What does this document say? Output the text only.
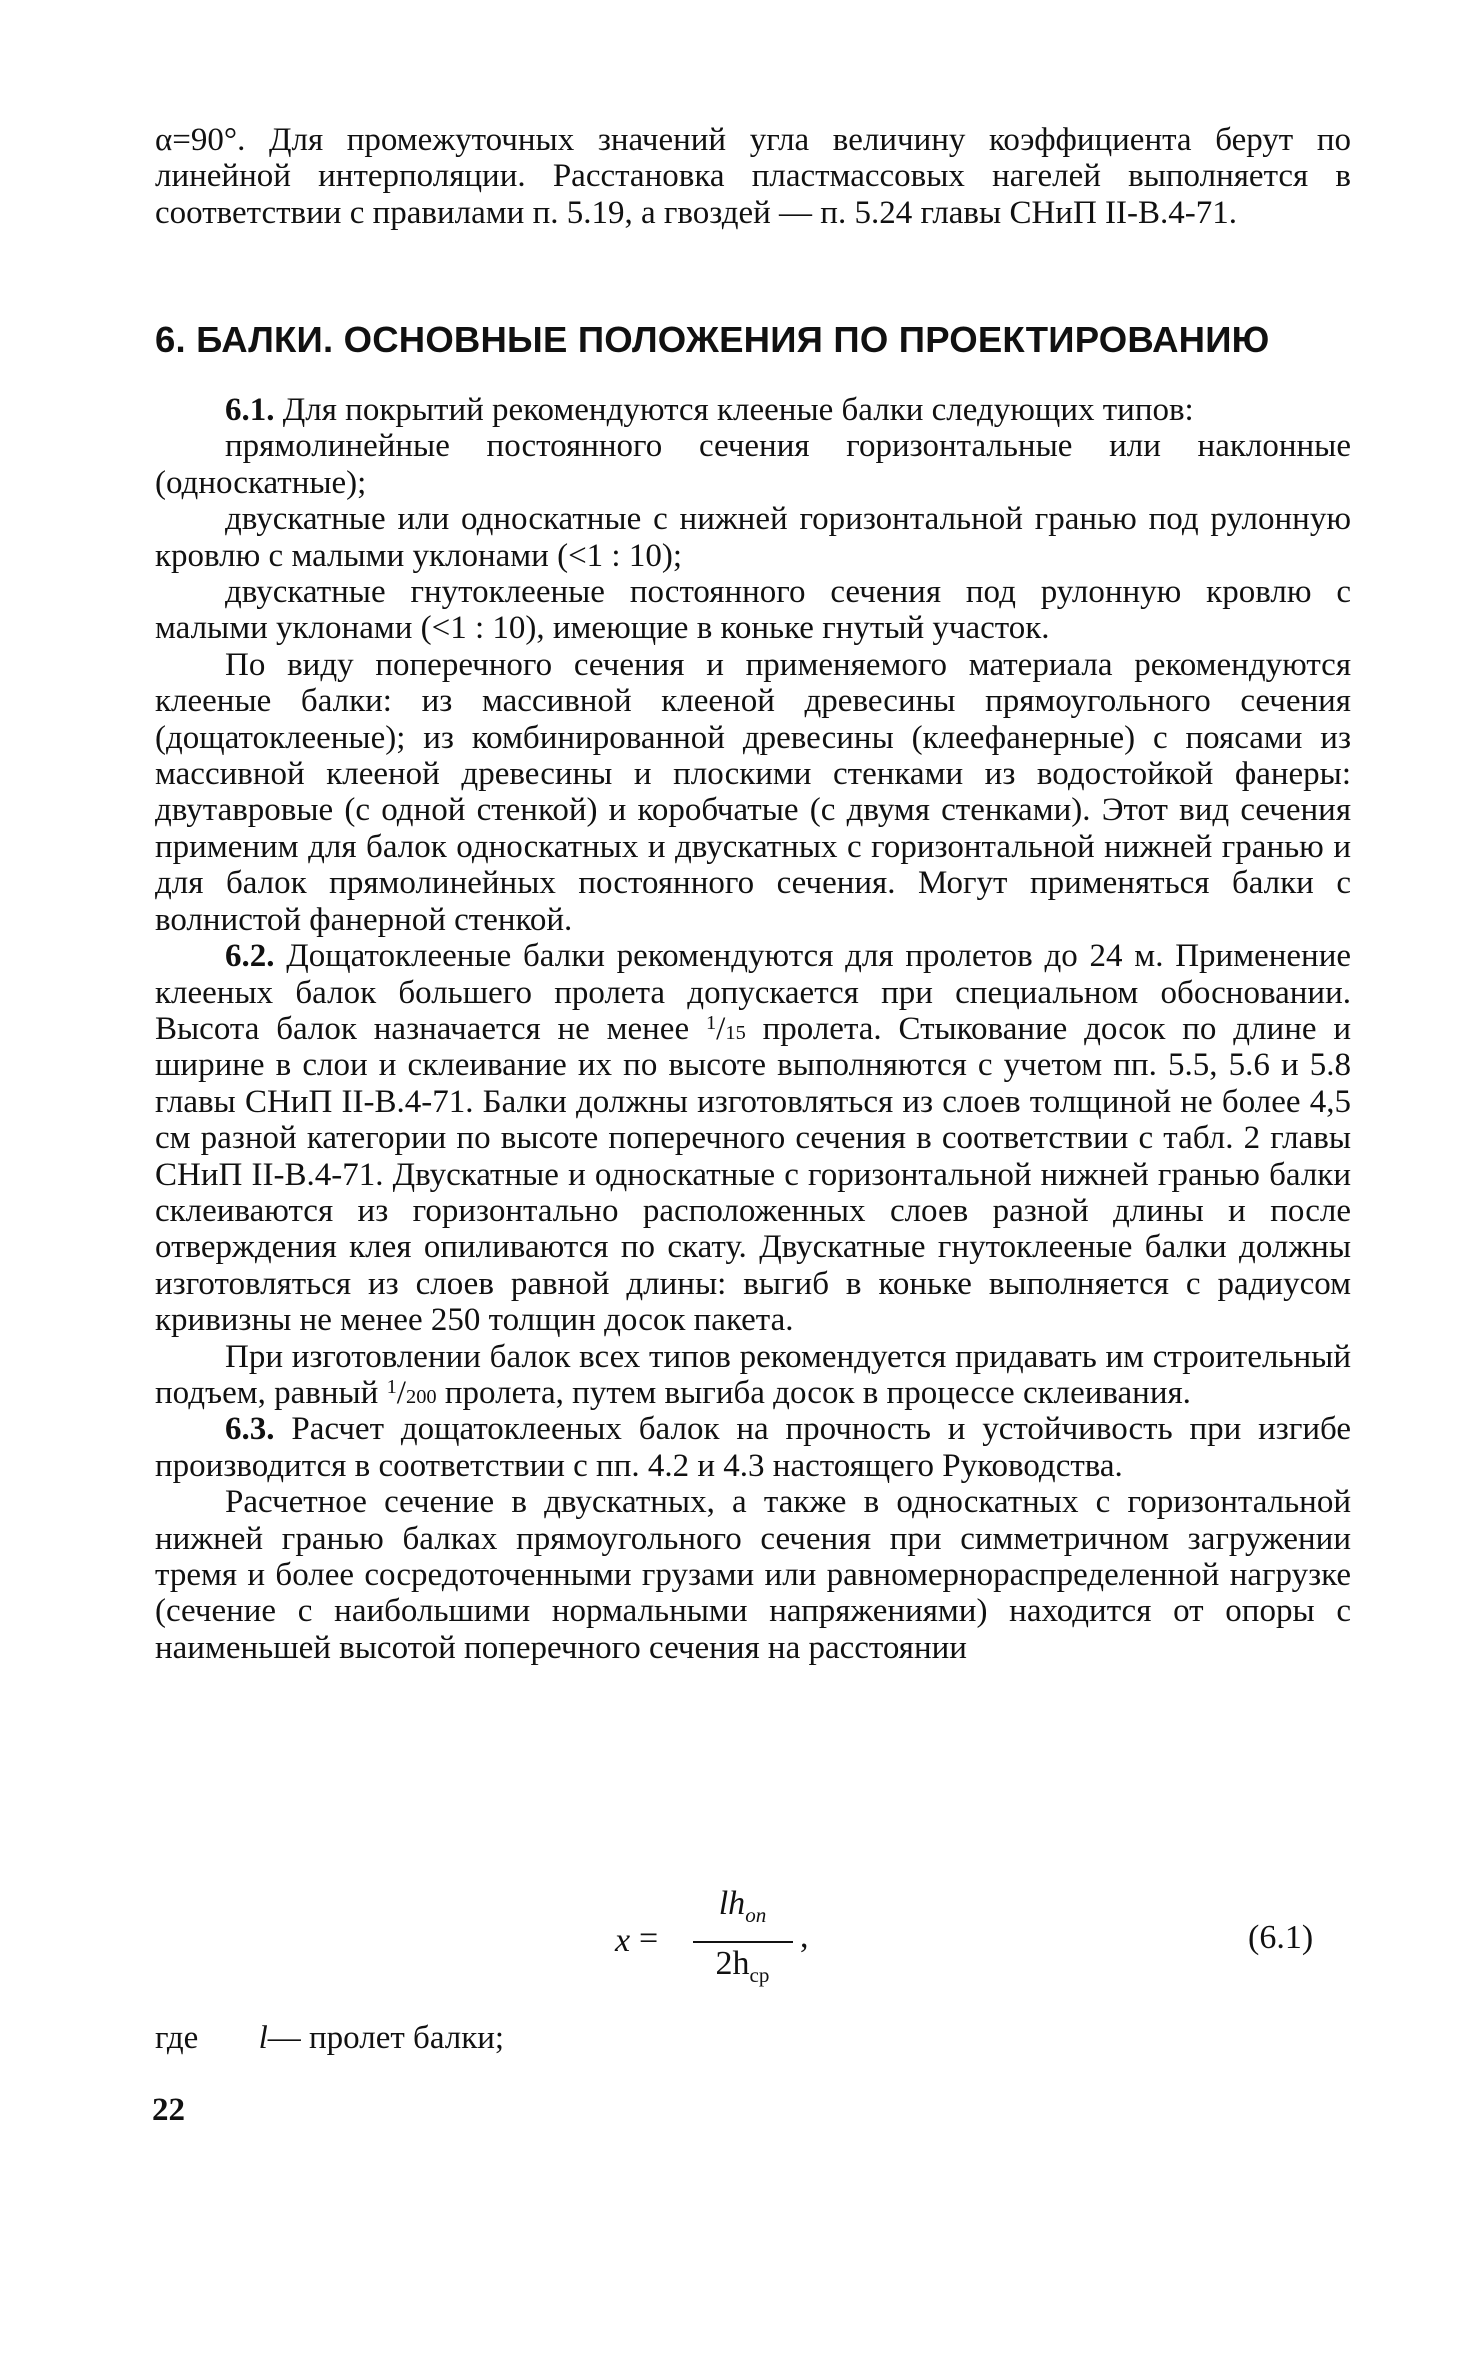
α=90°. Для промежуточных значений угла величину коэффициента берут по линейной интерполяции. Расстановка пластмассовых нагелей выполняется в соответствии с правилами п. 5.19, а гвоздей — п. 5.24 главы СНиП II-В.4-71.

6. БАЛКИ. ОСНОВНЫЕ ПОЛОЖЕНИЯ ПО ПРОЕКТИРОВАНИЮ

6.1. Для покрытий рекомендуются клееные балки следующих типов:

прямолинейные постоянного сечения горизонтальные или наклонные (односкатные);

двускатные или односкатные с нижней горизонтальной гранью под рулонную кровлю с малыми уклонами (<1 : 10);

двускатные гнутоклееные постоянного сечения под рулонную кровлю с малыми уклонами (<1 : 10), имеющие в коньке гнутый участок.

По виду поперечного сечения и применяемого материала рекомендуются клееные балки: из массивной клееной древесины прямоугольного сечения (дощатоклееные); из комбинированной древесины (клеефанерные) с поясами из массивной клееной древесины и плоскими стенками из водостойкой фанеры: двутавровые (с одной стенкой) и коробчатые (с двумя стенками). Этот вид сечения применим для балок односкатных и двускатных с горизонтальной нижней гранью и для балок прямолинейных постоянного сечения. Могут применяться балки с волнистой фанерной стенкой.

6.2. Дощатоклееные балки рекомендуются для пролетов до 24 м. Применение клееных балок большего пролета допускается при специальном обосновании. Высота балок назначается не менее $^1$/15 пролета. Стыкование досок по длине и ширине в слои и склеивание их по высоте выполняются с учетом пп. 5.5, 5.6 и 5.8 главы СНиП II-В.4-71. Балки должны изготовляться из слоев толщиной не более 4,5 см разной категории по высоте поперечного сечения в соответствии с табл. 2 главы СНиП II-В.4-71. Двускатные и односкатные с горизонтальной нижней гранью балки склеиваются из горизонтально расположенных слоев разной длины и после отверждения клея опиливаются по скату. Двускатные гнутоклееные балки должны изготовляться из слоев равной длины: выгиб в коньке выполняется с радиусом кривизны не менее 250 толщин досок пакета.

При изготовлении балок всех типов рекомендуется придавать им строительный подъем, равный $^1$/200 пролета, путем выгиба досок в процессе склеивания.

6.3. Расчет дощатоклееных балок на прочность и устойчивость при изгибе производится в соответствии с пп. 4.2 и 4.3 настоящего Руководства.

Расчетное сечение в двускатных, а также в односкатных с горизонтальной нижней гранью балках прямоугольного сечения при симметричном загружении тремя и более сосредоточенными грузами или равномернораспределенной нагрузке (сечение с наибольшими нормальными напряжениями) находится от опоры с наименьшей высотой поперечного сечения на расстоянии

x =
$lh_{оп}$
$2h_{ср}$
,	(6.1)
где l— пролет балки;
22
